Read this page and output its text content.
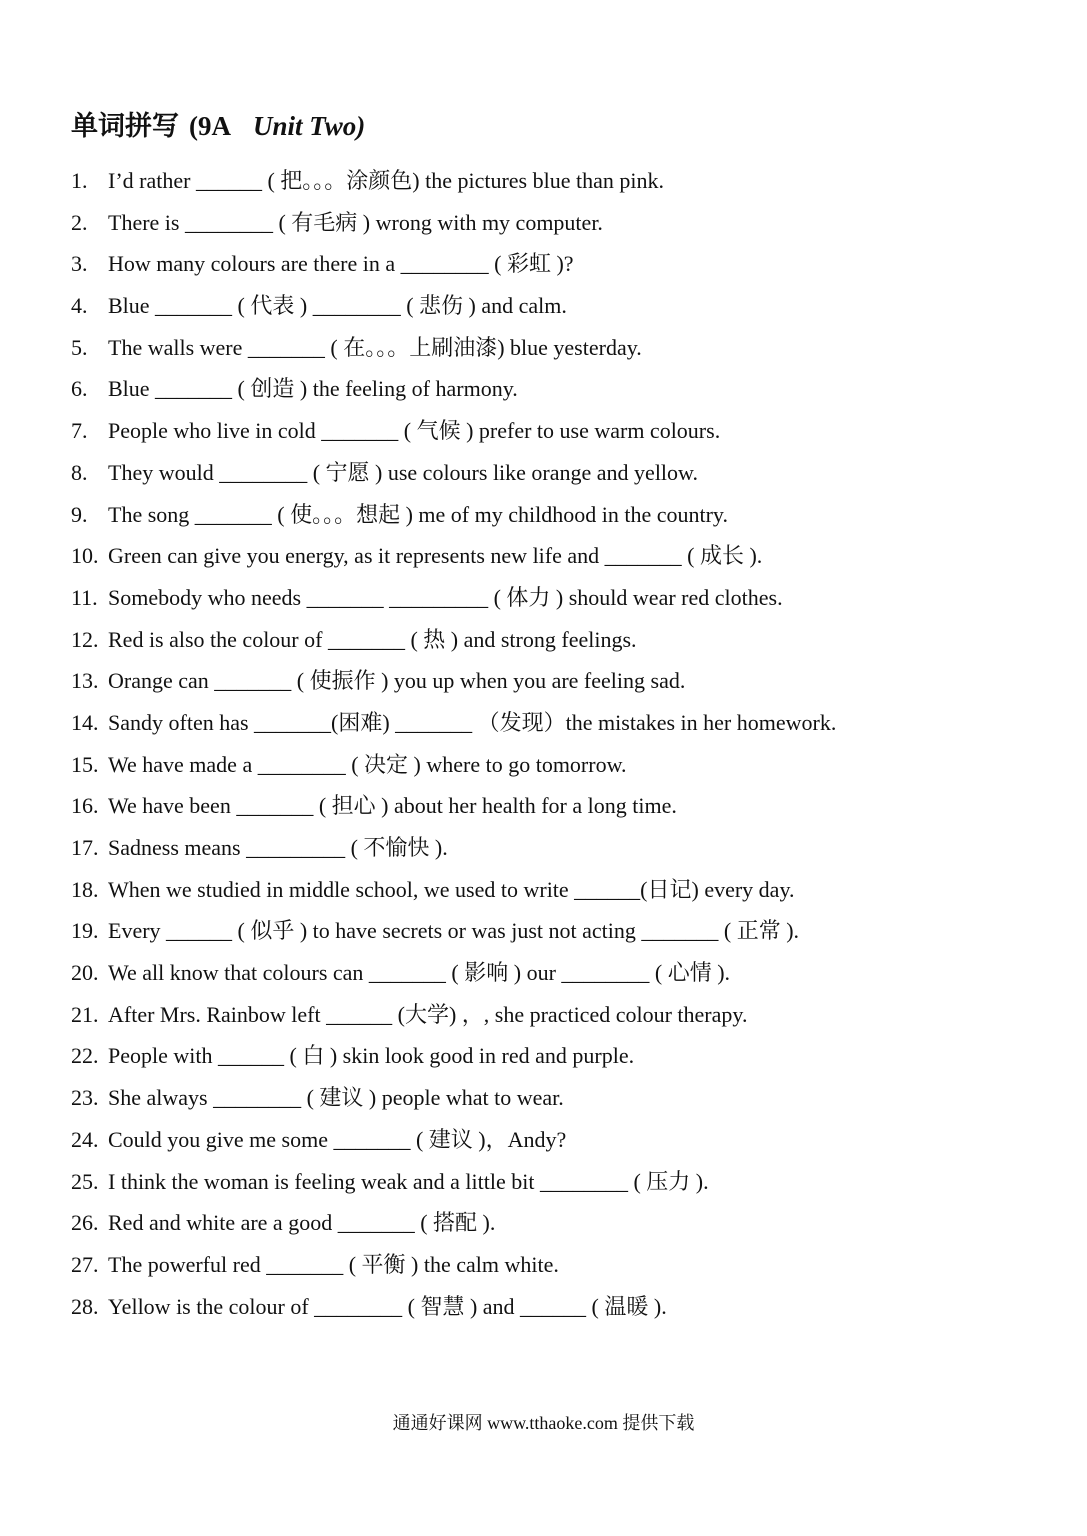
单词拼写 (9A Unit Two)
1. I’d rather ______ ( 把。。。涂颜色) the pictures blue than pink.
2. There is ________ ( 有毛病 ) wrong with my computer.
3. How many colours are there in a ________ ( 彩虹 )?
4. Blue _______ ( 代表 ) ________ ( 悲伤 ) and calm.
5. The walls were _______ ( 在。。。上刷油漆) blue yesterday.
6. Blue _______ ( 创造 ) the feeling of harmony.
7. People who live in cold _______ ( 气候 ) prefer to use warm colours.
8. They would ________ ( 宁愿 ) use colours like orange and yellow.
9. The song _______ ( 使。。。想起 ) me of my childhood in the country.
10. Green can give you energy, as it represents new life and _______ ( 成长 ).
11. Somebody who needs _______ _________ ( 体力 ) should wear red clothes.
12. Red is also the colour of _______ ( 热 ) and strong feelings.
13. Orange can _______ ( 使振作 ) you up when you are feeling sad.
14. Sandy often has _______(困难) _______ （发现）the mistakes in her homework.
15. We have made a ________ ( 决定 ) where to go tomorrow.
16. We have been _______ ( 担心 ) about her health for a long time.
17. Sadness means _________ ( 不愉快 ).
18. When we studied in middle school, we used to write ______(日记) every day.
19. Every ______ ( 似乎 ) to have secrets or was just not acting _______ ( 正常 ).
20. We all know that colours can _______ ( 影响 ) our ________ ( 心情 ).
21. After Mrs. Rainbow left ______ (大学) ，, she practiced colour therapy.
22. People with ______ ( 白 ) skin look good in red and purple.
23. She always ________ ( 建议 ) people what to wear.
24. Could you give me some _______ ( 建议 )，Andy?
25. I think the woman is feeling weak and a little bit ________ ( 压力 ).
26. Red and white are a good _______ ( 搭配 ).
27. The powerful red _______ ( 平衡 ) the calm white.
28. Yellow is the colour of ________ ( 智慧 ) and ______ ( 温暖 ).
通通好课网 www.tthaoke.com 提供下载
